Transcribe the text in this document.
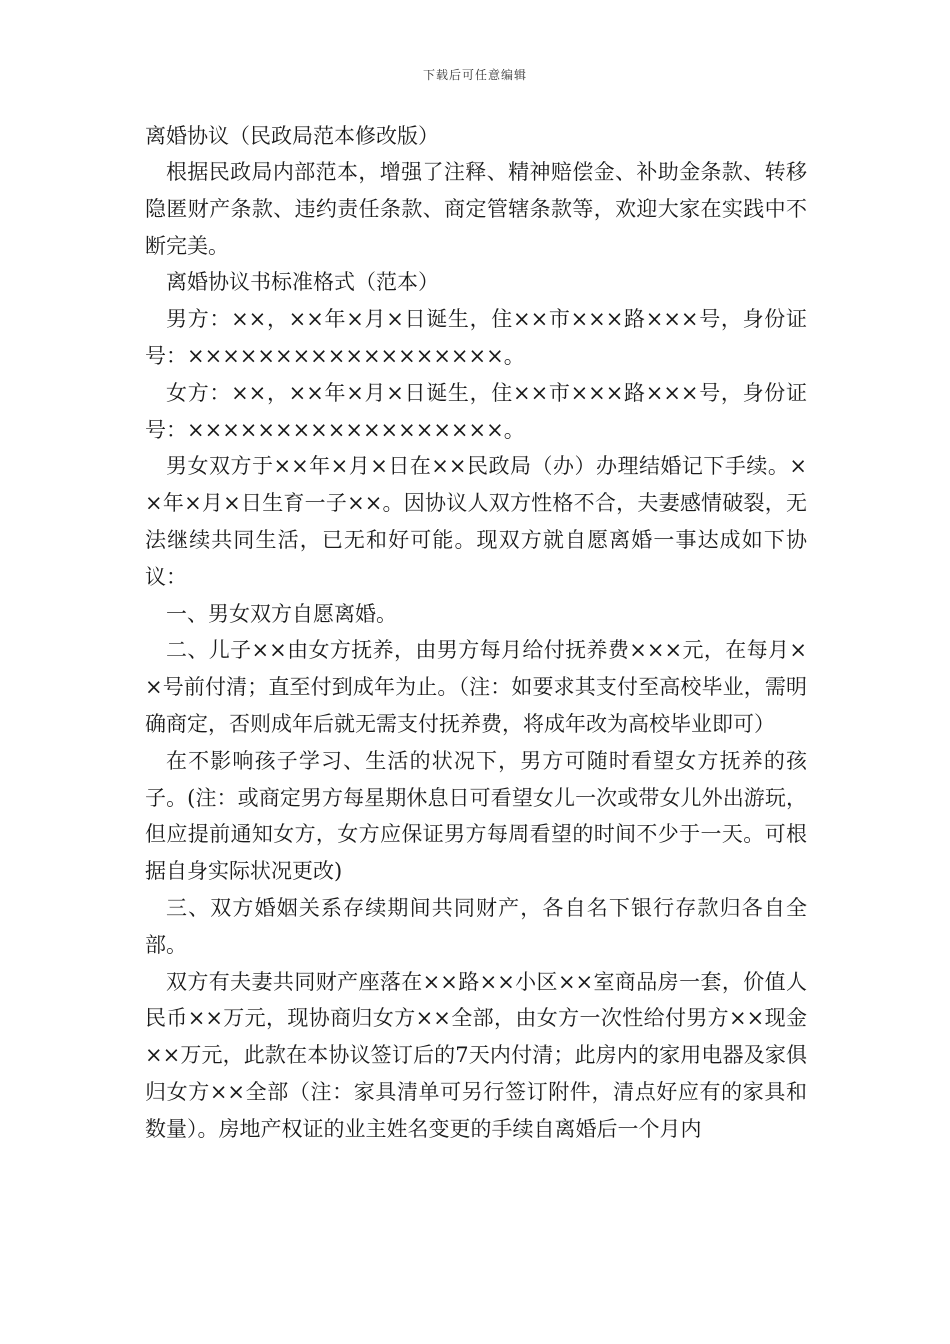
下载后可任意编辑

离婚协议（民政局范本修改版）

根据民政局内部范本，增强了注释、精神赔偿金、补助金条款、转移隐匿财产条款、违约责任条款、商定管辖条款等，欢迎大家在实践中不断完美。

离婚协议书标准格式（范本）

男方：××，××年×月×日诞生，住××市×××路×××号，身份证号：××××××××××××××××××。

女方：××，××年×月×日诞生，住××市×××路×××号，身份证号：××××××××××××××××××。

男女双方于××年×月×日在××民政局（办）办理结婚记下手续。××年×月×日生育一子××。因协议人双方性格不合，夫妻感情破裂，无法继续共同生活，已无和好可能。现双方就自愿离婚一事达成如下协议：

一、男女双方自愿离婚。

二、儿子××由女方抚养，由男方每月给付抚养费×××元，在每月××号前付清；直至付到成年为止。（注：如要求其支付至高校毕业，需明确商定，否则成年后就无需支付抚养费，将成年改为高校毕业即可）

在不影响孩子学习、生活的状况下，男方可随时看望女方抚养的孩子。(注：或商定男方每星期休息日可看望女儿一次或带女儿外出游玩，但应提前通知女方，女方应保证男方每周看望的时间不少于一天。可根据自身实际状况更改)

三、双方婚姻关系存续期间共同财产，各自名下银行存款归各自全部。

双方有夫妻共同财产座落在××路××小区××室商品房一套，价值人民币××万元，现协商归女方××全部，由女方一次性给付男方××现金××万元，此款在本协议签订后的7天内付清；此房内的家用电器及家俱归女方××全部（注：家具清单可另行签订附件，清点好应有的家具和数量）。房地产权证的业主姓名变更的手续自离婚后一个月内
